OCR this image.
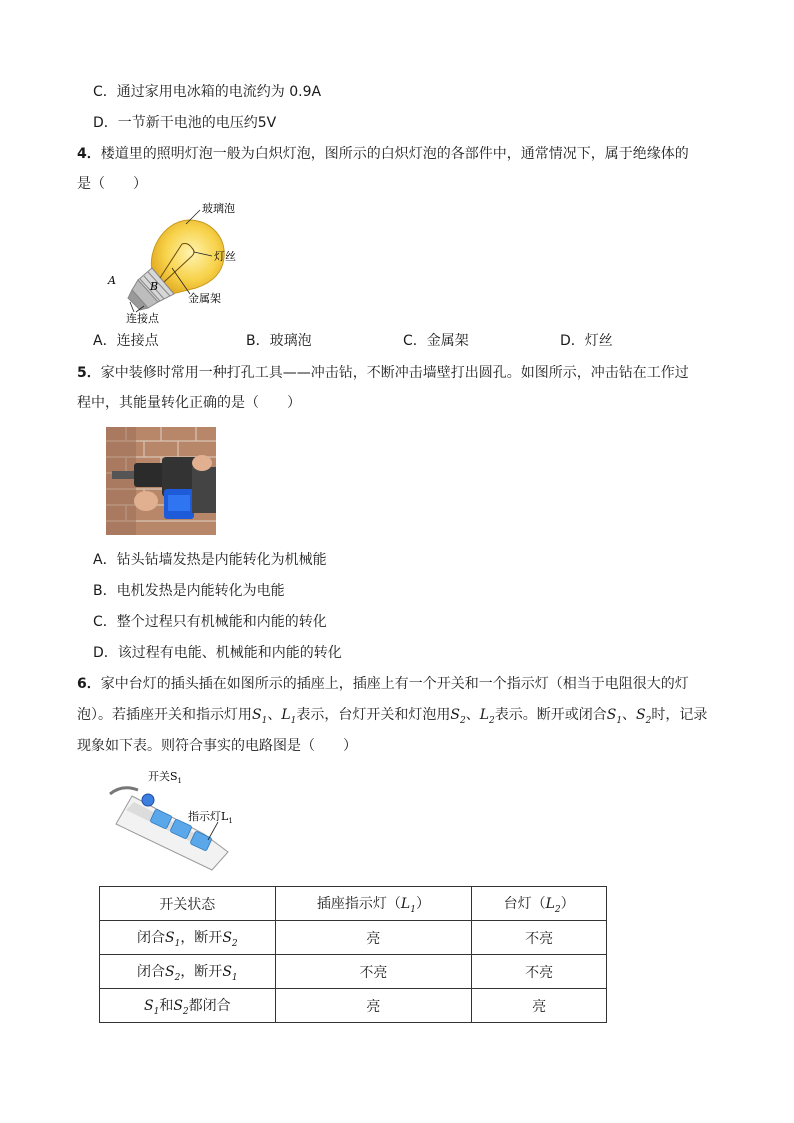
C．通过家用电冰箱的电流约为 0.9A
D．一节新干电池的电压约5V
4．楼道里的照明灯泡一般为白炽灯泡，图所示的白炽灯泡的各部件中，通常情况下，属于绝缘体的
是（　　）
玻璃泡
灯丝
金属架
连接点
A	B
A．连接点	B．玻璃泡	C．金属架	D．灯丝
5．家中装修时常用一种打孔工具——冲击钻，不断冲击墙壁打出圆孔。如图所示，冲击钻在工作过
程中，其能量转化正确的是（　　）
A．钻头钻墙发热是内能转化为机械能
B．电机发热是内能转化为电能
C．整个过程只有机械能和内能的转化
D．该过程有电能、机械能和内能的转化
6．家中台灯的插头插在如图所示的插座上，插座上有一个开关和一个指示灯（相当于电阻很大的灯
泡）。若插座开关和指示灯用$S_1$、$L_1$表示，台灯开关和灯泡用$S_2$、$L_2$表示。断开或闭合$S_1$、$S_2$时，记录
现象如下表。则符合事实的电路图是（　　）
开关$S_1$
指示灯$L_1$
开关状态	插座指示灯$(L_1)$	台灯$(L_2)$
闭合$S_1$，断开$S_2$	亮	不亮
闭合$S_2$，断开$S_1$	不亮	不亮
$S_1$和$S_2$都闭合	亮	亮
